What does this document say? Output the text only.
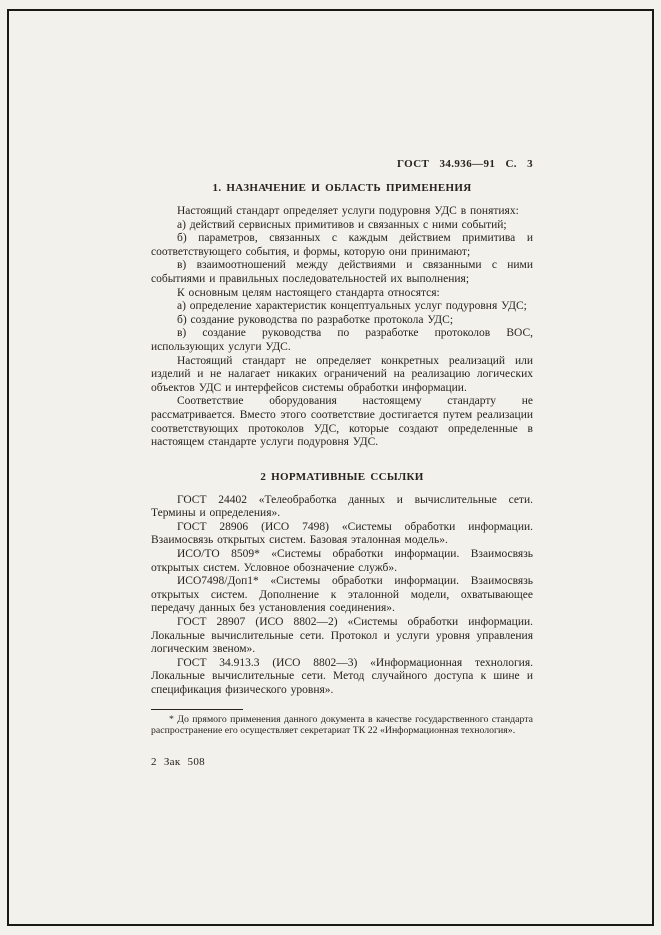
ГОСТ 34.936—91 С. 3
1. НАЗНАЧЕНИЕ И ОБЛАСТЬ ПРИМЕНЕНИЯ

Настоящий стандарт определяет услуги подуровня УДС в понятиях:

а) действий сервисных примитивов и связанных с ними событий;

б) параметров, связанных с каждым действием примитива и соответствующего события, и формы, которую они принимают;

в) взаимоотношений между действиями и связанными с ними событиями и правильных последовательностей их выполнения;

К основным целям настоящего стандарта относятся:

а) определение характеристик концептуальных услуг подуровня УДС;

б) создание руководства по разработке протокола УДС;

в) создание руководства по разработке протоколов ВОС, использующих услуги УДС.

Настоящий стандарт не определяет конкретных реализаций или изделий и не налагает никаких ограничений на реализацию логических объектов УДС и интерфейсов системы обработки информации.

Соответствие оборудования настоящему стандарту не рассматривается. Вместо этого соответствие достигается путем реализации соответствующих протоколов УДС, которые создают определенные в настоящем стандарте услуги подуровня УДС.

2 НОРМАТИВНЫЕ ССЫЛКИ

ГОСТ 24402 «Телеобработка данных и вычислительные сети. Термины и определения».

ГОСТ 28906 (ИСО 7498) «Системы обработки информации. Взаимосвязь открытых систем. Базовая эталонная модель».

ИСО/ТО 8509* «Системы обработки информации. Взаимосвязь открытых систем. Условное обозначение служб».

ИСО7498/Доп1* «Системы обработки информации. Взаимосвязь открытых систем. Дополнение к эталонной модели, охватывающее передачу данных без установления соединения».

ГОСТ 28907 (ИСО 8802—2) «Системы обработки информации. Локальные вычислительные сети. Протокол и услуги уровня управления логическим звеном».

ГОСТ 34.913.3 (ИСО 8802—3) «Информационная технология. Локальные вычислительные сети. Метод случайного доступа к шине и спецификация физического уровня».

* До прямого применения данного документа в качестве государственного стандарта распространение его осуществляет секретариат ТК 22 «Информационная технология».

2 Зак 508
